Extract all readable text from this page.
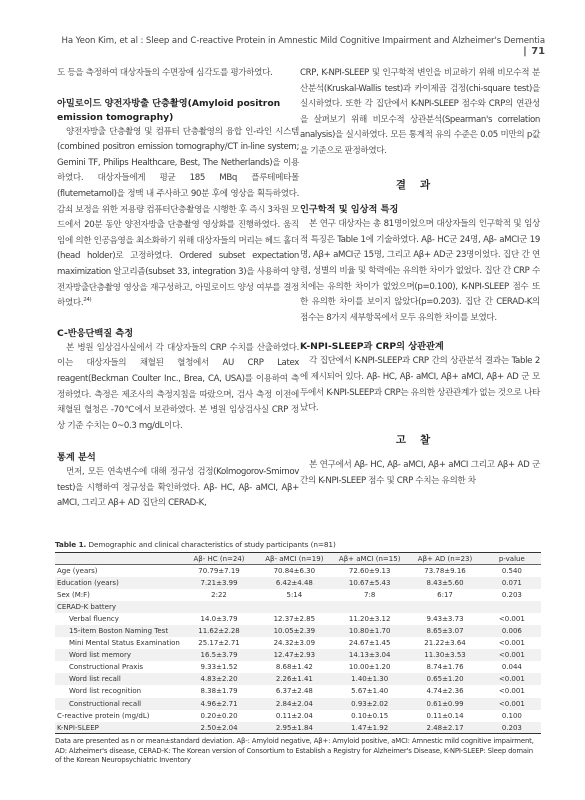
Ha Yeon Kim, et al : Sleep and C-reactive Protein in Amnestic Mild Cognitive Impairment and Alzheimer's Dementia | 71

도 등을 측정하여 대상자들의 수면장애 심각도를 평가하였다.

아밀로이드 양전자방출 단층촬영(Amyloid positron emission tomography)

양전자방출 단층촬영 및 컴퓨터 단층촬영의 융합 인-라인 시스템(combined positron emission tomography/CT in-line system; Gemini TF, Philips Healthcare, Best, The Netherlands)을 이용하였다. 대상자들에게 평균 185 MBq 플루테메타몰(flutemetamol)을 정맥 내 주사하고 90분 후에 영상을 획득하였다. 감쇠 보정을 위한 저용량 컴퓨터단층촬영을 시행한 후 즉시 3차원 모드에서 20분 동안 양전자방출 단층촬영 영상화를 진행하였다. 움직임에 의한 인공음영을 최소화하기 위해 대상자들의 머리는 헤드 홀더(head holder)로 고정하였다. Ordered subset expectation maximization 알고리즘(subset 33, integration 3)을 사용하여 양전자방출단층촬영 영상을 재구성하고, 아밀로이드 양성 여부를 결정하였다.$^{24)}$

C-반응단백질 측정

본 병원 임상검사실에서 각 대상자들의 CRP 수치를 산출하였다. 이는 대상자들의 채혈된 혈청에서 AU CRP Latex reagent(Beckman Coulter Inc., Brea, CA, USA)를 이용하여 측정하였다. 측정은 제조사의 측정지침을 따랐으며, 검사 측정 이전에 채혈된 혈청은 -70℃에서 보관하였다. 본 병원 임상검사실 CRP 정상 기준 수치는 0~0.3 mg/dL이다.

통계 분석

먼저, 모든 연속변수에 대해 정규성 검정(Kolmogorov-Smirnov test)을 시행하여 정규성을 확인하였다. Aβ- HC, Aβ- aMCI, Aβ+ aMCI, 그리고 Aβ+ AD 집단의 CERAD-K,

CRP, K-NPI-SLEEP 및 인구학적 변인을 비교하기 위해 비모수적 분산분석(Kruskal-Wallis test)과 카이제곱 검정(chi-square test)을 실시하였다. 또한 각 집단에서 K-NPI-SLEEP 점수와 CRP의 연관성을 살펴보기 위해 비모수적 상관분석(Spearman's correlation analysis)을 실시하였다. 모든 통계적 유의 수준은 0.05 미만의 p값을 기준으로 판정하였다.

결과
인구학적 및 임상적 특징

본 연구 대상자는 총 81명이었으며 대상자들의 인구학적 및 임상적 특징은 Table 1에 기술하였다. Aβ- HC군 24명, Aβ- aMCI군 19명, Aβ+ aMCI군 15명, 그리고 Aβ+ AD군 23명이었다. 집단 간 연령, 성별의 비율 및 학력에는 유의한 차이가 없었다. 집단 간 CRP 수치에는 유의한 차이가 없었으며(p=0.100), K-NPI-SLEEP 점수 또한 유의한 차이를 보이지 않았다(p=0.203). 집단 간 CERAD-K의 점수는 8가지 세부항목에서 모두 유의한 차이를 보였다.

K-NPI-SLEEP과 CRP의 상관관계

각 집단에서 K-NPI-SLEEP과 CRP 간의 상관분석 결과는 Table 2에 제시되어 있다. Aβ- HC, Aβ- aMCI, Aβ+ aMCI, Aβ+ AD 군 모두에서 K-NPI-SLEEP과 CRP는 유의한 상관관계가 없는 것으로 나타났다.

고찰

본 연구에서 Aβ- HC, Aβ- aMCI, Aβ+ aMCI 그리고 Aβ+ AD 군 간의 K-NPI-SLEEP 점수 및 CRP 수치는 유의한 차

Table 1. Demographic and clinical characteristics of study participants (n=81)
	Aβ- HC (n=24)	Aβ- aMCI (n=19)	Aβ+ aMCI (n=15)	Aβ+ AD (n=23)	p-value
Age (years)	70.79±7.19	70.84±6.30	72.60±9.13	73.78±9.16	0.540
Education (years)	7.21±3.99	6.42±4.48	10.67±5.43	8.43±5.60	0.071
Sex (M:F)	2:22	5:14	7:8	6:17	0.203
CERAD-K battery					
Verbal fluency	14.0±3.79	12.37±2.85	11.20±3.12	9.43±3.73	<0.001
15-item Boston Naming Test	11.62±2.28	10.05±2.39	10.80±1.70	8.65±3.07	0.006
Mini Mental Status Examination	25.17±2.71	24.32±3.09	24.67±1.45	21.22±3.64	<0.001
Word list memory	16.5±3.79	12.47±2.93	14.13±3.04	11.30±3.53	<0.001
Constructional Praxis	9.33±1.52	8.68±1.42	10.00±1.20	8.74±1.76	0.044
Word list recall	4.83±2.20	2.26±1.41	1.40±1.30	0.65±1.20	<0.001
Word list recognition	8.38±1.79	6.37±2.48	5.67±1.40	4.74±2.36	<0.001
Constructional recall	4.96±2.71	2.84±2.04	0.93±2.02	0.61±0.99	<0.001
C-reactive protein (mg/dL)	0.20±0.20	0.11±2.04	0.10±0.15	0.11±0.14	0.100
K-NPI-SLEEP	2.50±2.04	2.95±1.84	1.47±1.92	2.48±2.17	0.203
Data are presented as n or mean±standard deviation. Aβ-: Amyloid negative, Aβ+: Amyloid positive, aMCI: Amnestic mild cognitive impairment, AD: Alzheimer's disease, CERAD-K: The Korean version of Consortium to Establish a Registry for Alzheimer's Disease, K-NPI-SLEEP: Sleep domain of the Korean Neuropsychiatric Inventory
